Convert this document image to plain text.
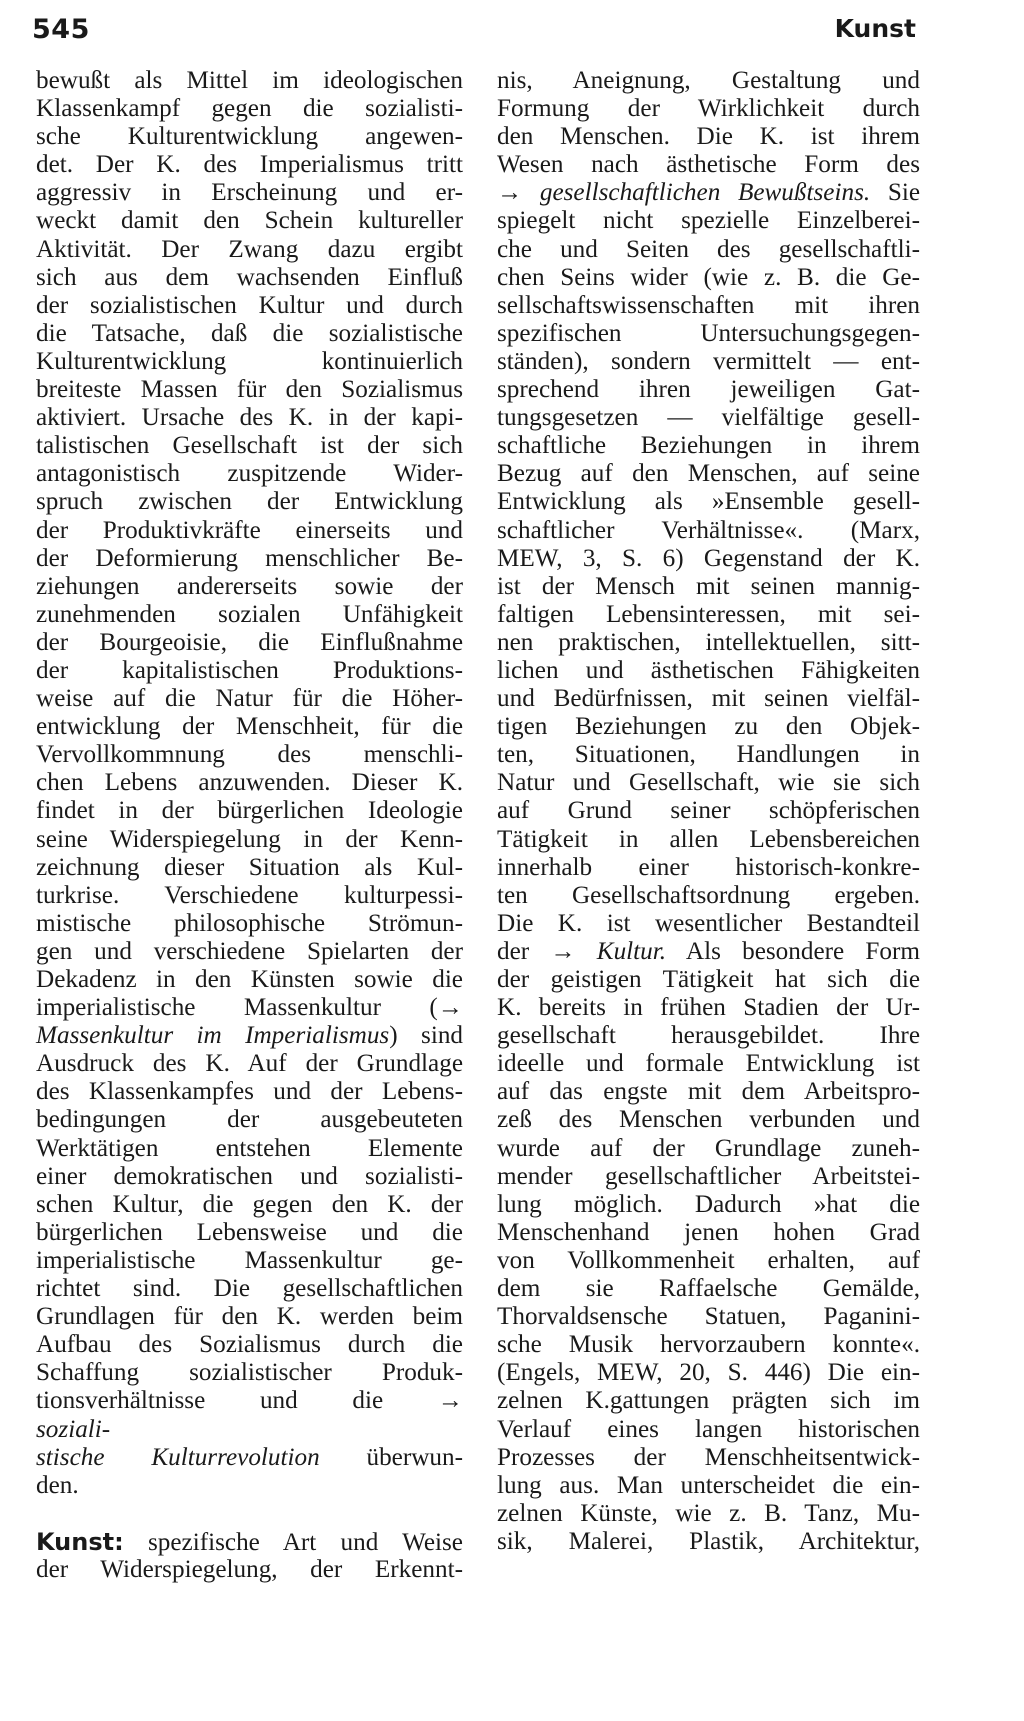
545	Kunst
bewußt als Mittel im ideologischen
Klassenkampf gegen die sozialisti-
sche Kulturentwicklung angewen-
det. Der K. des Imperialismus tritt
aggressiv in Erscheinung und er-
weckt damit den Schein kultureller
Aktivität. Der Zwang dazu ergibt
sich aus dem wachsenden Einfluß
der sozialistischen Kultur und durch
die Tatsache, daß die sozialistische
Kulturentwicklung kontinuierlich
breiteste Massen für den Sozialismus
aktiviert. Ursache des K. in der kapi-
talistischen Gesellschaft ist der sich
antagonistisch zuspitzende Wider-
spruch zwischen der Entwicklung
der Produktivkräfte einerseits und
der Deformierung menschlicher Be-
ziehungen andererseits sowie der
zunehmenden sozialen Unfähigkeit
der Bourgeoisie, die Einflußnahme
der kapitalistischen Produktions-
weise auf die Natur für die Höher-
entwicklung der Menschheit, für die
Vervollkommnung des menschli-
chen Lebens anzuwenden. Dieser K.
findet in der bürgerlichen Ideologie
seine Widerspiegelung in der Kenn-
zeichnung dieser Situation als Kul-
turkrise. Verschiedene kulturpessi-
mistische philosophische Strömun-
gen und verschiedene Spielarten der
Dekadenz in den Künsten sowie die
imperialistische Massenkultur (→
Massenkultur im Imperialismus) sind
Ausdruck des K. Auf der Grundlage
des Klassenkampfes und der Lebens-
bedingungen der ausgebeuteten
Werktätigen entstehen Elemente
einer demokratischen und sozialisti-
schen Kultur, die gegen den K. der
bürgerlichen Lebensweise und die
imperialistische Massenkultur ge-
richtet sind. Die gesellschaftlichen
Grundlagen für den K. werden beim
Aufbau des Sozialismus durch die
Schaffung sozialistischer Produk-
tionsverhältnisse und die →
soziali-
stische Kulturrevolution überwun-
den.
Kunst: spezifische Art und Weise
der Widerspiegelung, der Erkennt-
nis, Aneignung, Gestaltung und
Formung der Wirklichkeit durch
den Menschen. Die K. ist ihrem
Wesen nach ästhetische Form des
→ gesellschaftlichen Bewußtseins. Sie
spiegelt nicht spezielle Einzelberei-
che und Seiten des gesellschaftli-
chen Seins wider (wie z. B. die Ge-
sellschaftswissenschaften mit ihren
spezifischen Untersuchungsgegen-
ständen), sondern vermittelt — ent-
sprechend ihren jeweiligen Gat-
tungsgesetzen — vielfältige gesell-
schaftliche Beziehungen in ihrem
Bezug auf den Menschen, auf seine
Entwicklung als »Ensemble gesell-
schaftlicher Verhältnisse«. (Marx,
MEW, 3, S. 6) Gegenstand der K.
ist der Mensch mit seinen mannig-
faltigen Lebensinteressen, mit sei-
nen praktischen, intellektuellen, sitt-
lichen und ästhetischen Fähigkeiten
und Bedürfnissen, mit seinen vielfäl-
tigen Beziehungen zu den Objek-
ten, Situationen, Handlungen in
Natur und Gesellschaft, wie sie sich
auf Grund seiner schöpferischen
Tätigkeit in allen Lebensbereichen
innerhalb einer historisch-konkre-
ten Gesellschaftsordnung ergeben.
Die K. ist wesentlicher Bestandteil
der → Kultur. Als besondere Form
der geistigen Tätigkeit hat sich die
K. bereits in frühen Stadien der Ur-
gesellschaft herausgebildet. Ihre
ideelle und formale Entwicklung ist
auf das engste mit dem Arbeitspro-
zeß des Menschen verbunden und
wurde auf der Grundlage zuneh-
mender gesellschaftlicher Arbeitstei-
lung möglich. Dadurch »hat die
Menschenhand jenen hohen Grad
von Vollkommenheit erhalten, auf
dem sie Raffaelsche Gemälde,
Thorvaldsensche Statuen, Paganini-
sche Musik hervorzaubern konnte«.
(Engels, MEW, 20, S. 446) Die ein-
zelnen K.gattungen prägten sich im
Verlauf eines langen historischen
Prozesses der Menschheitsentwick-
lung aus. Man unterscheidet die ein-
zelnen Künste, wie z. B. Tanz, Mu-
sik, Malerei, Plastik, Architektur,
